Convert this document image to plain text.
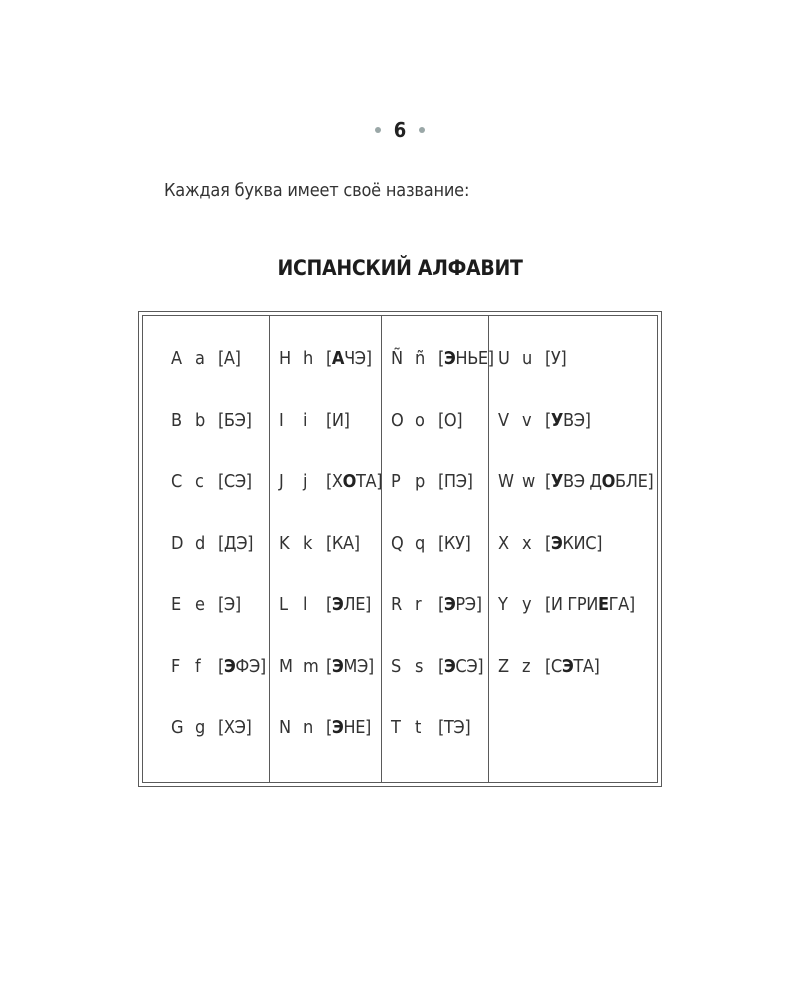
6
Каждая буква имеет своё название:
ИСПАНСКИЙ АЛФАВИТ
A a [А]
B b [БЭ]
C c [СЭ]
D d [ДЭ]
E e [Э]
F f [ЭФЭ]
G g [ХЭ]
H h [АЧЭ]
I i [И]
J j [ХОТА]
K k [КА]
L l [ЭЛЕ]
M m [ЭМЭ]
N n [ЭНЕ]
Ñ ñ [ЭНЬЕ]
O o [О]
P p [ПЭ]
Q q [КУ]
R r [ЭРЭ]
S s [ЭСЭ]
T t [ТЭ]
U u [У]
V v [УВЭ]
W w [УВЭ ДОБЛЕ]
X x [ЭКИС]
Y y [И ГРИЕГА]
Z z [СЭТА]
